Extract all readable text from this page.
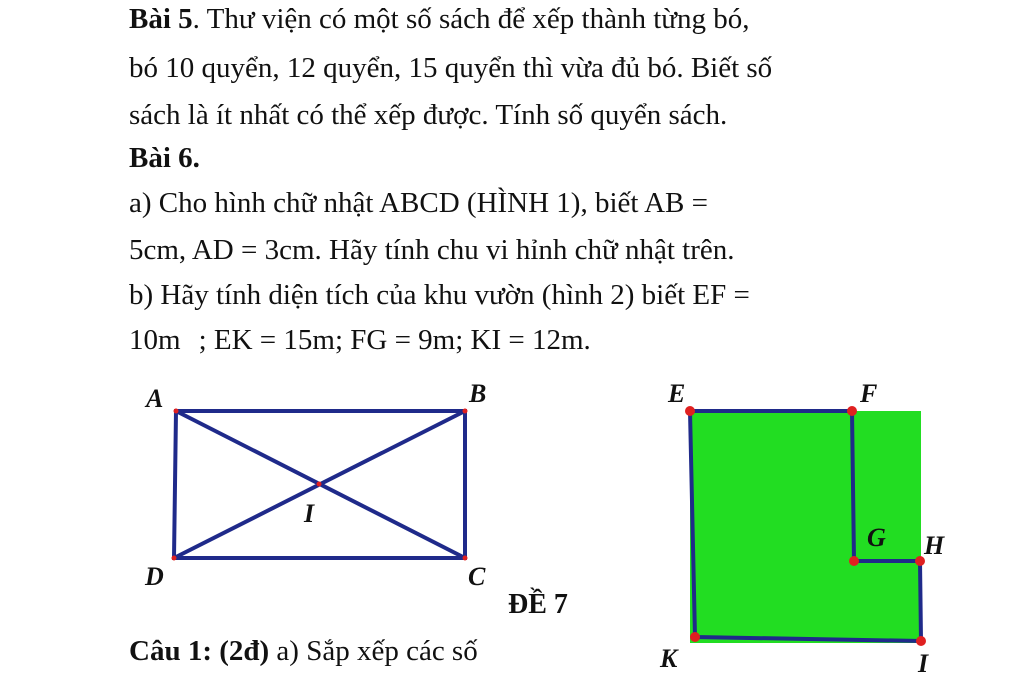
Bài 5. Thư viện có một số sách để xếp thành từng bó,
bó 10 quyển, 12 quyển, 15 quyển thì vừa đủ bó. Biết số
sách là ít nhất có thể xếp được. Tính số quyển sách.
Bài 6.
a) Cho hình chữ nhật ABCD (HÌNH 1), biết AB =
5cm, AD = 3cm. Hãy tính chu vi hỉnh chữ nhật trên.
b) Hãy tính diện tích của khu vườn (hình 2) biết EF =
10m ; EK = 15m; FG = 9m; KI = 12m.
A	B
C
D
I
E	F
G H
K	I
ĐỀ 7
Câu 1: (2đ) a) Sắp xếp các số
